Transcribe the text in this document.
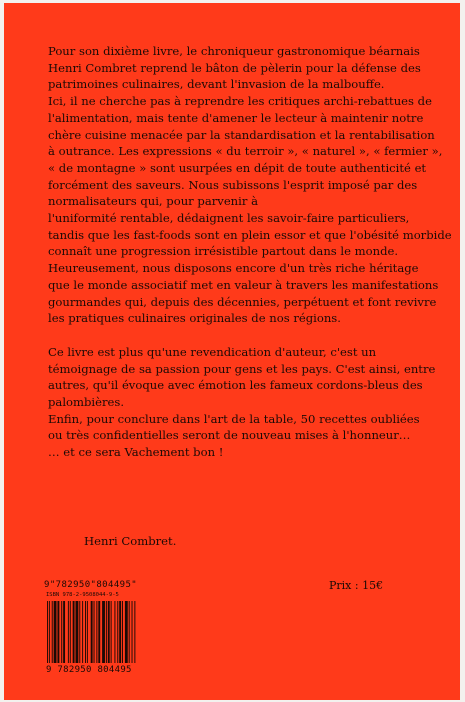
Pour son dixième livre, le chroniqueur gastronomique béarnais
Henri Combret reprend le bâton de pèlerin pour la défense des
patrimoines culinaires, devant l'invasion de la malbouffe.

Ici, il ne cherche pas à reprendre les critiques archi-rebattues de
l'alimentation, mais tente d'amener le lecteur à maintenir notre
chère cuisine menacée par la standardisation et la rentabilisation
à outrance. Les expressions « du terroir », « naturel », « fermier »,
« de montagne » sont usurpées en dépit de toute authenticité et
forcément des saveurs. Nous subissons l'esprit imposé par des
normalisateurs qui, pour parvenir à
l'uniformité rentable, dédaignent les savoir-faire particuliers,
tandis que les fast-foods sont en plein essor et que l'obésité morbide
connaît une progression irrésistible partout dans le monde.

Heureusement, nous disposons encore d'un très riche héritage
que le monde associatif met en valeur à travers les manifestations
gourmandes qui, depuis des décennies, perpétuent et font revivre
les pratiques culinaires originales de nos régions.

Ce livre est plus qu'une revendication d'auteur, c'est un
témoignage de sa passion pour gens et les pays. C'est ainsi, entre
autres, qu'il évoque avec émotion les fameux cordons-bleus des
palombières.

Enfin, pour conclure dans l'art de la table, 50 recettes oubliées
ou très confidentielles seront de nouveau mises à l'honneur…

… et ce sera Vachement bon !

Henri Combret.
9"782950"804495"	Prix : 15€
ISBN 978-2-9508044-9-5
9 782950 804495
